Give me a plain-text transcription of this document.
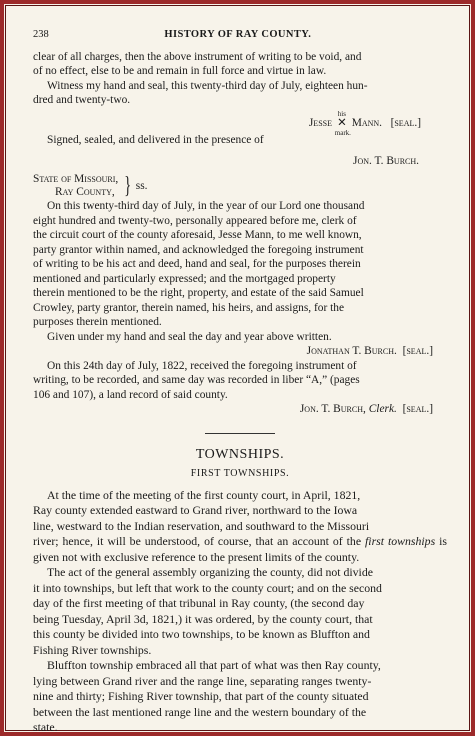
238	HISTORY OF RAY COUNTY.

clear of all charges, then the above instrument of writing to be void, and
of no effect, else to be and remain in full force and virtue in law.

Witness my hand and seal, this twenty-third day of July, eighteen hun-
dred and twenty-two.

Jesse
his
✕
mark.
Mann. [seal.]

Signed, sealed, and delivered in the presence of

Jon. T. Burch.
State of Missouri,
Ray County, } ss.

On this twenty-third day of July, in the year of our Lord one thousand
eight hundred and twenty-two, personally appeared before me, clerk of
the circuit court of the county aforesaid, Jesse Mann, to me well known,
party grantor within named, and acknowledged the foregoing instrument
of writing to be his act and deed, hand and seal, for the purposes therein
mentioned and particularly expressed; and the mortgaged property
therein mentioned to be the right, property, and estate of the said Samuel
Crowley, party grantor, therein named, his heirs, and assigns, for the
purposes therein mentioned.

Given under my hand and seal the day and year above written.

Jonathan T. Burch. [seal.]

On this 24th day of July, 1822, received the foregoing instrument of
writing, to be recorded, and same day was recorded in liber “A,” (pages
106 and 107), a land record of said county.

Jon. T. Burch, Clerk. [seal.]
TOWNSHIPS.
FIRST TOWNSHIPS.

At the time of the meeting of the first county court, in April, 1821,
Ray county extended eastward to Grand river, northward to the Iowa
line, westward to the Indian reservation, and southward to the Missouri
river; hence, it will be understood, of course, that an account of the first townships is given not with exclusive reference to the present limits of the county.

The act of the general assembly organizing the county, did not divide
it into townships, but left that work to the county court; and on the second
day of the first meeting of that tribunal in Ray county, (the second day
being Tuesday, April 3d, 1821,) it was ordered, by the county court, that
this county be divided into two townships, to be known as Bluffton and
Fishing River townships.

Bluffton township embraced all that part of what was then Ray county,
lying between Grand river and the range line, separating ranges twenty-
nine and thirty; Fishing River township, that part of the county situated
between the last mentioned range line and the western boundary of the
state.
